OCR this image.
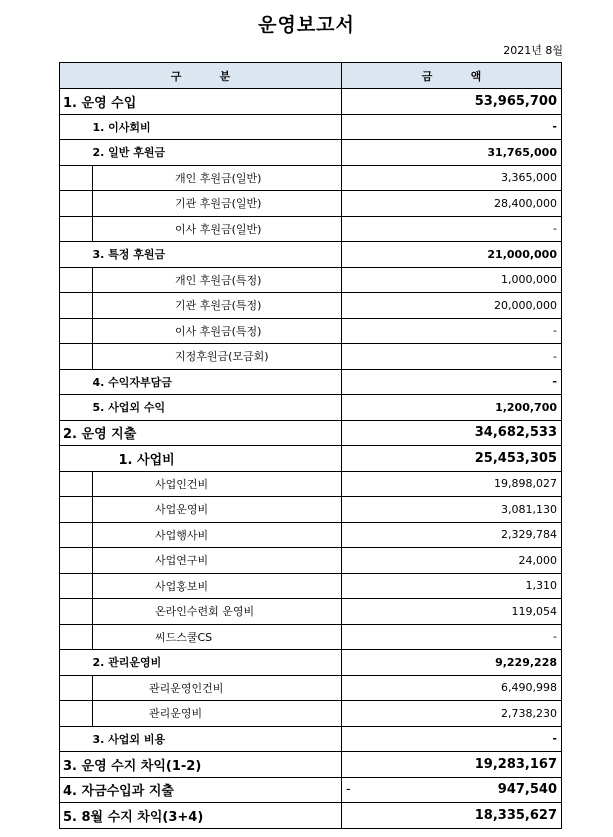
운영보고서
2021년 8월
구          분		금          액
1. 운영 수입		53,965,700
	1. 이사회비	-
	2. 일반 후원금	31,765,000
	개인 후원금(일반)	3,365,000
	기관 후원금(일반)	28,400,000
	이사 후원금(일반)	-
	3. 특정 후원금	21,000,000
	개인 후원금(특정)	1,000,000
	기관 후원금(특정)	20,000,000
	이사 후원금(특정)	-
	지정후원금(모금회)	-
	4. 수익자부담금	-
	5. 사업외 수익	1,200,700
2. 운영 지출		34,682,533
	1. 사업비	25,453,305
	사업인건비	19,898,027
	사업운영비	3,081,130
	사업행사비	2,329,784
	사업연구비	24,000
	사업홍보비	1,310
	온라인수련회 운영비	119,054
	씨드스쿨CS	-
	2. 관리운영비	9,229,228
	관리운영인건비	6,490,998
	관리운영비	2,738,230
	3. 사업외 비용	-
3. 운영 수지 차익(1-2)		19,283,167
4. 자금수입과 지출		- 947,540

5. 8월 수지 차익(3+4)		18,335,627
